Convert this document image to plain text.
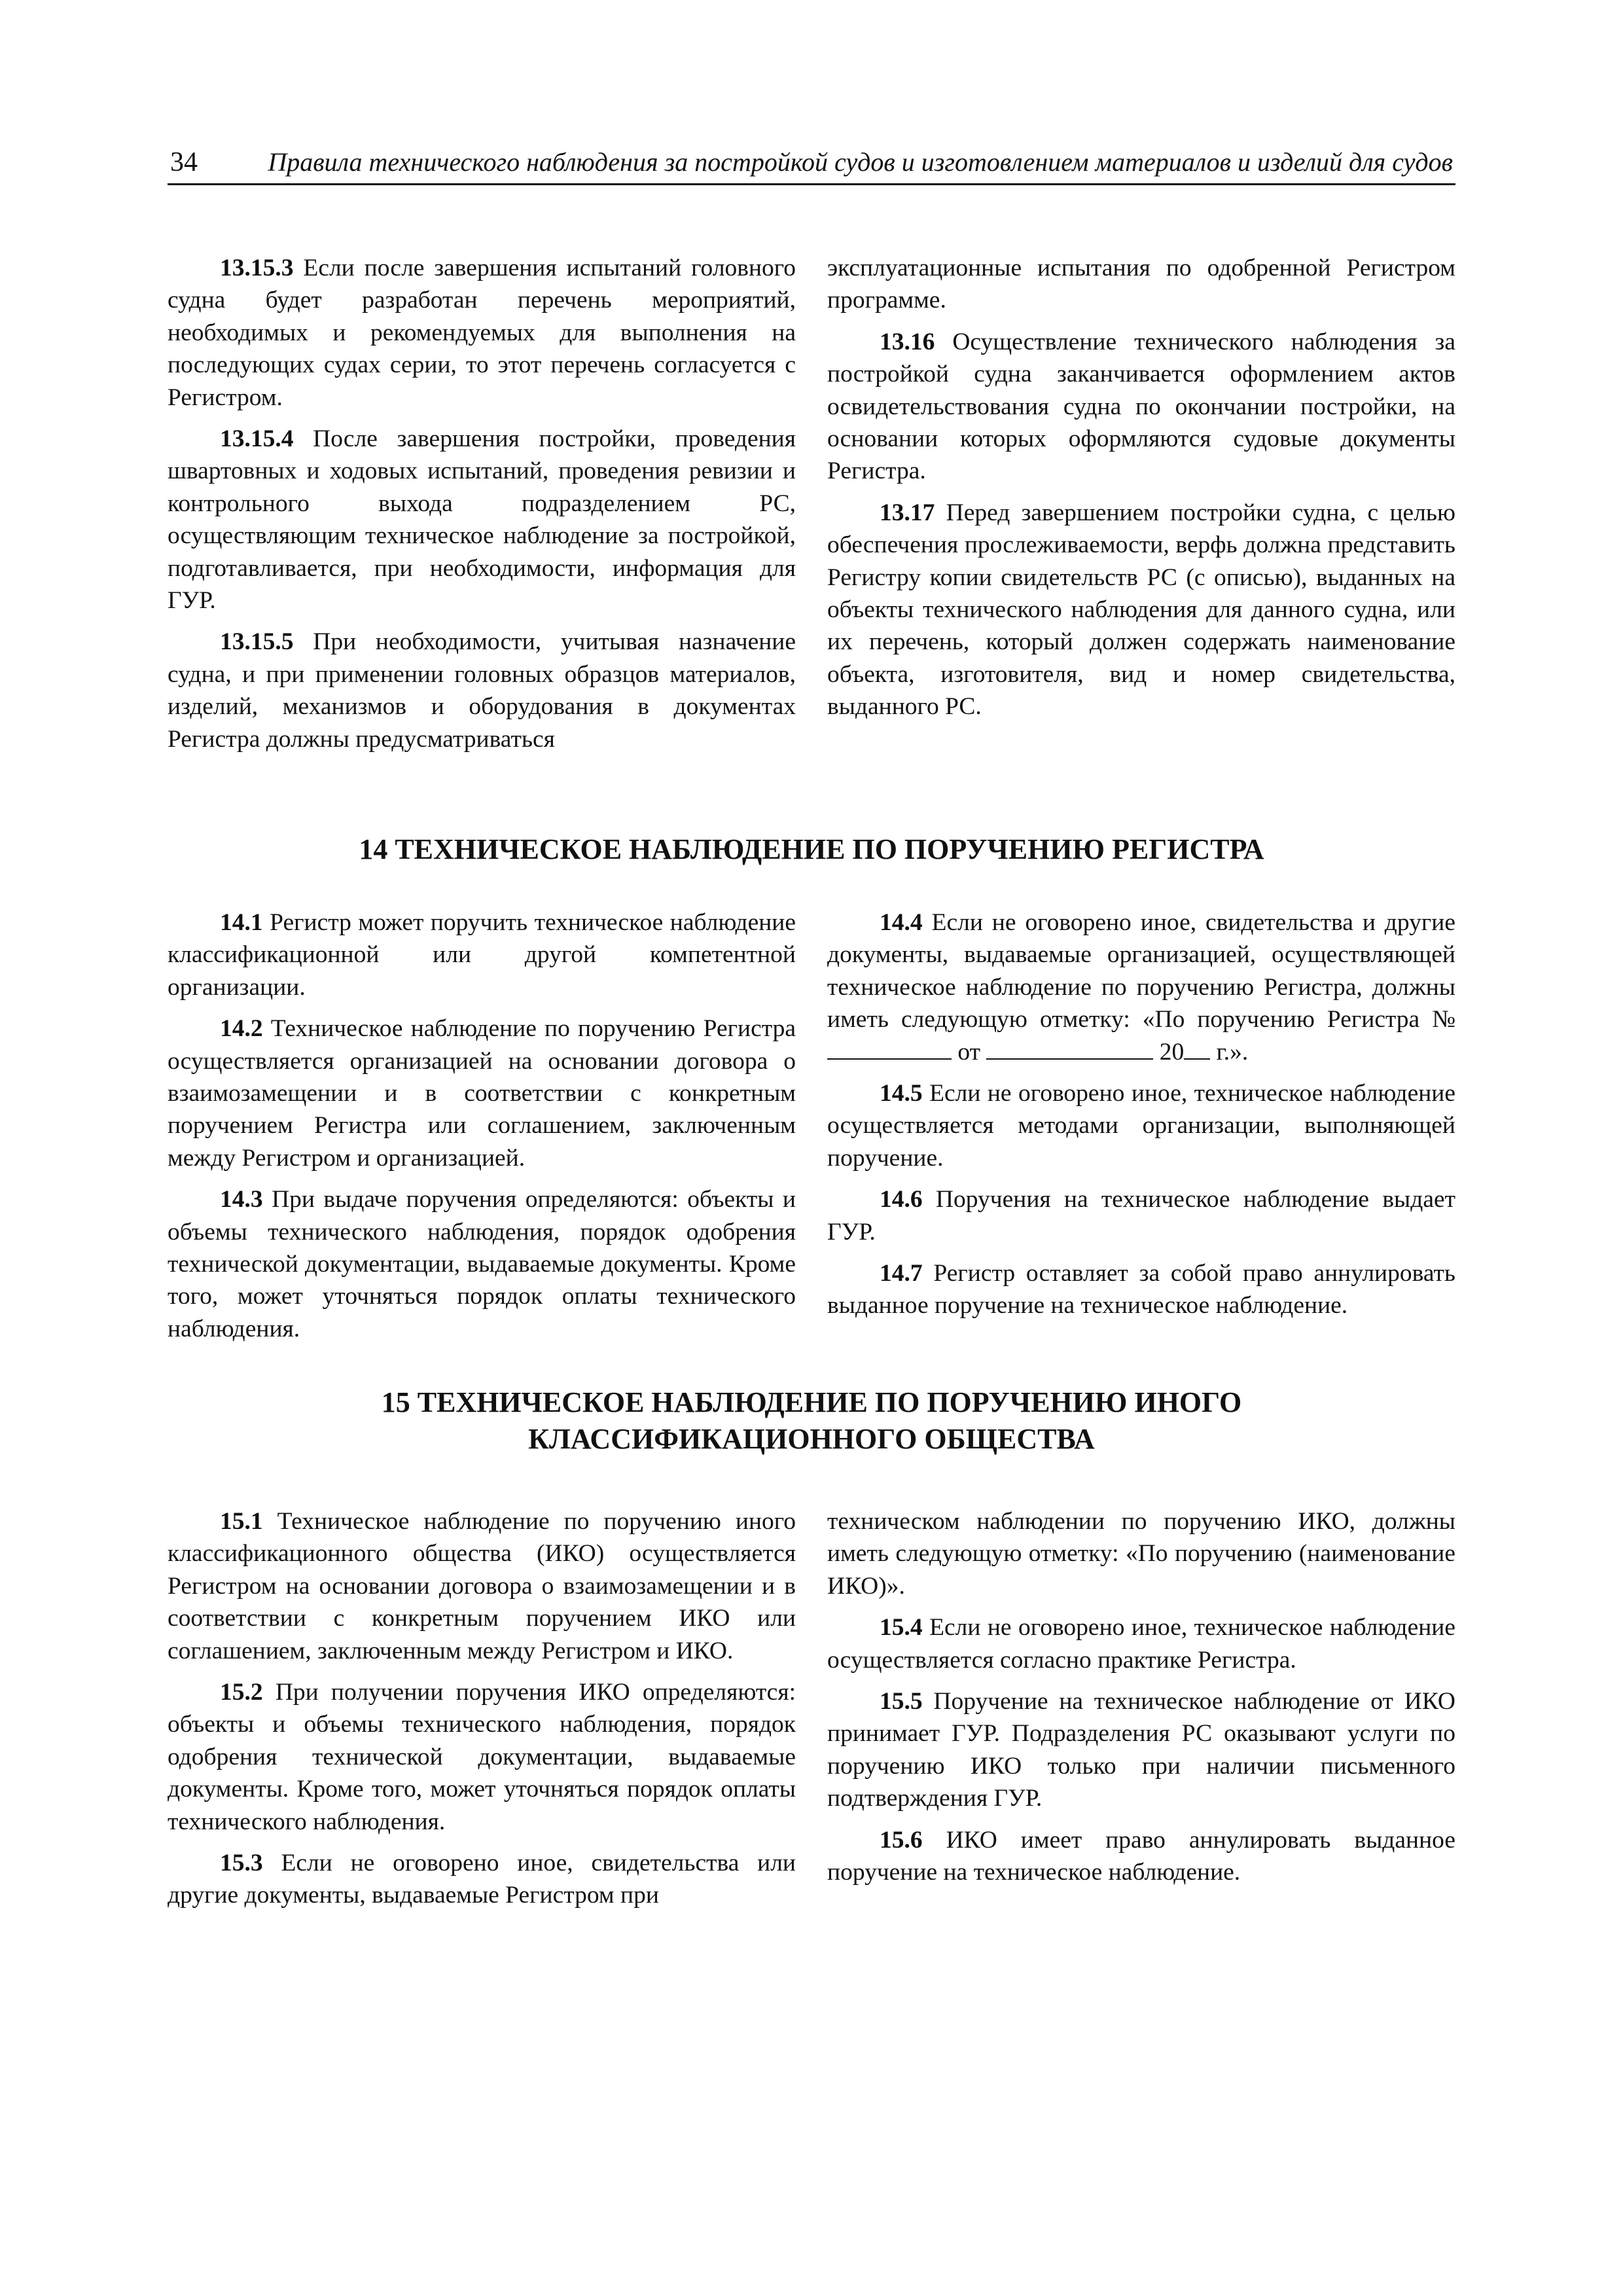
34	Правила технического наблюдения за постройкой судов и изготовлением материалов и изделий для судов

13.15.3 Если после завершения испытаний головного судна будет разработан перечень мероприятий, необходимых и рекомендуемых для выполнения на последующих судах серии, то этот перечень согласуется с Регистром.

13.15.4 После завершения постройки, проведения швартовных и ходовых испытаний, проведения ревизии и контрольного выхода подразделением РС, осуществляющим техническое наблюдение за постройкой, подготавливается, при необходимости, информация для ГУР.

13.15.5 При необходимости, учитывая назначение судна, и при применении головных образцов материалов, изделий, механизмов и оборудования в документах Регистра должны предусматриваться

эксплуатационные испытания по одобренной Регистром программе.

13.16 Осуществление технического наблюдения за постройкой судна заканчивается оформлением актов освидетельствования судна по окончании постройки, на основании которых оформляются судовые документы Регистра.

13.17 Перед завершением постройки судна, с целью обеспечения прослеживаемости, верфь должна представить Регистру копии свидетельств РС (с описью), выданных на объекты технического наблюдения для данного судна, или их перечень, который должен содержать наименование объекта, изготовителя, вид и номер свидетельства, выданного РС.

14 ТЕХНИЧЕСКОЕ НАБЛЮДЕНИЕ ПО ПОРУЧЕНИЮ РЕГИСТРА

14.1 Регистр может поручить техническое наблюдение классификационной или другой компетентной организации.

14.2 Техническое наблюдение по поручению Регистра осуществляется организацией на основании договора о взаимозамещении и в соответствии с конкретным поручением Регистра или соглашением, заключенным между Регистром и организацией.

14.3 При выдаче поручения определяются: объекты и объемы технического наблюдения, порядок одобрения технической документации, выдаваемые документы. Кроме того, может уточняться порядок оплаты технического наблюдения.

14.4 Если не оговорено иное, свидетельства и другие документы, выдаваемые организацией, осуществляющей техническое наблюдение по поручению Регистра, должны иметь следующую отметку: «По поручению Регистра №  от	20 г.».

14.5 Если не оговорено иное, техническое наблюдение осуществляется методами организации, выполняющей поручение.

14.6 Поручения на техническое наблюдение выдает ГУР.

14.7 Регистр оставляет за собой право аннулировать выданное поручение на техническое наблюдение.

15 ТЕХНИЧЕСКОЕ НАБЛЮДЕНИЕ ПО ПОРУЧЕНИЮ ИНОГО
КЛАССИФИКАЦИОННОГО ОБЩЕСТВА

15.1 Техническое наблюдение по поручению иного классификационного общества (ИКО) осуществляется Регистром на основании договора о взаимозамещении и в соответствии с конкретным поручением ИКО или соглашением, заключенным между Регистром и ИКО.

15.2 При получении поручения ИКО определяются: объекты и объемы технического наблюдения, порядок одобрения технической документации, выдаваемые документы. Кроме того, может уточняться порядок оплаты технического наблюдения.

15.3 Если не оговорено иное, свидетельства или другие документы, выдаваемые Регистром при

техническом наблюдении по поручению ИКО, должны иметь следующую отметку: «По поручению (наименование ИКО)».

15.4 Если не оговорено иное, техническое наблюдение осуществляется согласно практике Регистра.

15.5 Поручение на техническое наблюдение от ИКО принимает ГУР. Подразделения РС оказывают услуги по поручению ИКО только при наличии письменного подтверждения ГУР.

15.6 ИКО имеет право аннулировать выданное поручение на техническое наблюдение.
